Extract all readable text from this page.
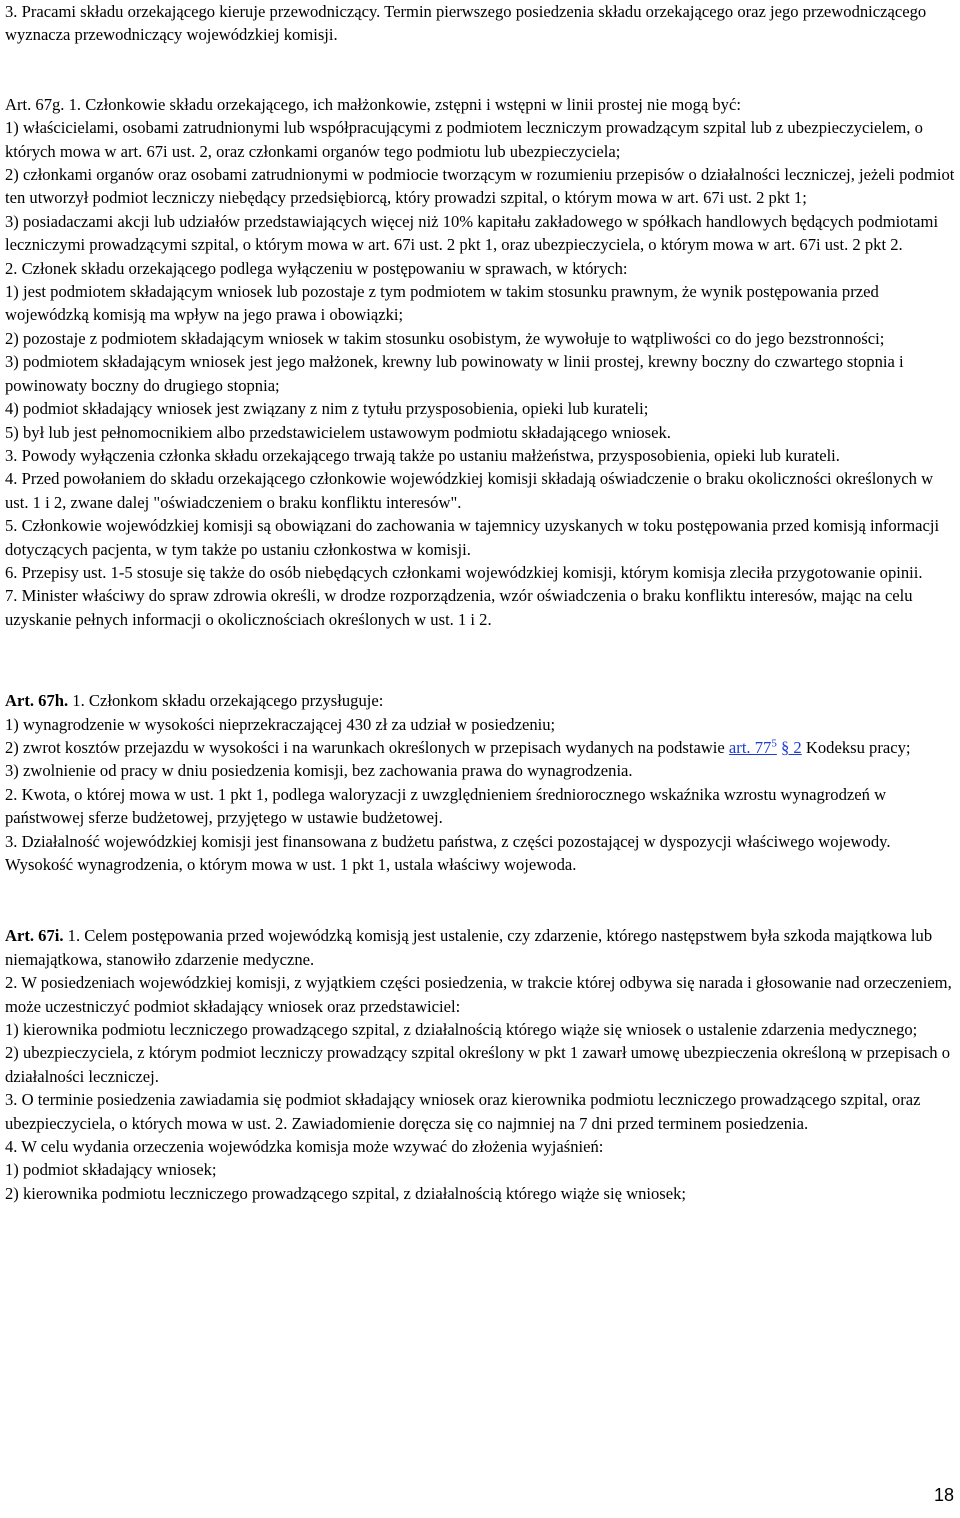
3. Pracami składu orzekającego kieruje przewodniczący. Termin pierwszego posiedzenia składu orzekającego oraz jego przewodniczącego wyznacza przewodniczący wojewódzkiej komisji.

Art. 67g. 1. Członkowie składu orzekającego, ich małżonkowie, zstępni i wstępni w linii prostej nie mogą być:

1) właścicielami, osobami zatrudnionymi lub współpracującymi z podmiotem leczniczym prowadzącym szpital lub z ubezpieczycielem, o których mowa w art. 67i ust. 2, oraz członkami organów tego podmiotu lub ubezpieczyciela;

2) członkami organów oraz osobami zatrudnionymi w podmiocie tworzącym w rozumieniu przepisów o działalności leczniczej, jeżeli podmiot ten utworzył podmiot leczniczy niebędący przedsiębiorcą, który prowadzi szpital, o którym mowa w art. 67i ust. 2 pkt 1;

3) posiadaczami akcji lub udziałów przedstawiających więcej niż 10% kapitału zakładowego w spółkach handlowych będących podmiotami leczniczymi prowadzącymi szpital, o którym mowa w art. 67i ust. 2 pkt 1, oraz ubezpieczyciela, o którym mowa w art. 67i ust. 2 pkt 2.

2. Członek składu orzekającego podlega wyłączeniu w postępowaniu w sprawach, w których:

1) jest podmiotem składającym wniosek lub pozostaje z tym podmiotem w takim stosunku prawnym, że wynik postępowania przed wojewódzką komisją ma wpływ na jego prawa i obowiązki;

2) pozostaje z podmiotem składającym wniosek w takim stosunku osobistym, że wywołuje to wątpliwości co do jego bezstronności;

3) podmiotem składającym wniosek jest jego małżonek, krewny lub powinowaty w linii prostej, krewny boczny do czwartego stopnia i powinowaty boczny do drugiego stopnia;

4) podmiot składający wniosek jest związany z nim z tytułu przysposobienia, opieki lub kurateli;

5) był lub jest pełnomocnikiem albo przedstawicielem ustawowym podmiotu składającego wniosek.

3. Powody wyłączenia członka składu orzekającego trwają także po ustaniu małżeństwa, przysposobienia, opieki lub kurateli.

4. Przed powołaniem do składu orzekającego członkowie wojewódzkiej komisji składają oświadczenie o braku okoliczności określonych w ust. 1 i 2, zwane dalej "oświadczeniem o braku konfliktu interesów".

5. Członkowie wojewódzkiej komisji są obowiązani do zachowania w tajemnicy uzyskanych w toku postępowania przed komisją informacji dotyczących pacjenta, w tym także po ustaniu członkostwa w komisji.

6. Przepisy ust. 1-5 stosuje się także do osób niebędących członkami wojewódzkiej komisji, którym komisja zleciła przygotowanie opinii.

7. Minister właściwy do spraw zdrowia określi, w drodze rozporządzenia, wzór oświadczenia o braku konfliktu interesów, mając na celu uzyskanie pełnych informacji o okolicznościach określonych w ust. 1 i 2.

Art. 67h. 1. Członkom składu orzekającego przysługuje:

1) wynagrodzenie w wysokości nieprzekraczającej 430 zł za udział w posiedzeniu;

2) zwrot kosztów przejazdu w wysokości i na warunkach określonych w przepisach wydanych na podstawie art. $77^5$ § 2 Kodeksu pracy;

3) zwolnienie od pracy w dniu posiedzenia komisji, bez zachowania prawa do wynagrodzenia.

2. Kwota, o której mowa w ust. 1 pkt 1, podlega waloryzacji z uwzględnieniem średniorocznego wskaźnika wzrostu wynagrodzeń w państwowej sferze budżetowej, przyjętego w ustawie budżetowej.

3. Działalność wojewódzkiej komisji jest finansowana z budżetu państwa, z części pozostającej w dyspozycji właściwego wojewody. Wysokość wynagrodzenia, o którym mowa w ust. 1 pkt 1, ustala właściwy wojewoda.

Art. 67i. 1. Celem postępowania przed wojewódzką komisją jest ustalenie, czy zdarzenie, którego następstwem była szkoda majątkowa lub niemajątkowa, stanowiło zdarzenie medyczne.

2. W posiedzeniach wojewódzkiej komisji, z wyjątkiem części posiedzenia, w trakcie której odbywa się narada i głosowanie nad orzeczeniem, może uczestniczyć podmiot składający wniosek oraz przedstawiciel:

1) kierownika podmiotu leczniczego prowadzącego szpital, z działalnością którego wiąże się wniosek o ustalenie zdarzenia medycznego;

2) ubezpieczyciela, z którym podmiot leczniczy prowadzący szpital określony w pkt 1 zawarł umowę ubezpieczenia określoną w przepisach o działalności leczniczej.

3. O terminie posiedzenia zawiadamia się podmiot składający wniosek oraz kierownika podmiotu leczniczego prowadzącego szpital, oraz ubezpieczyciela, o których mowa w ust. 2. Zawiadomienie doręcza się co najmniej na 7 dni przed terminem posiedzenia.

4. W celu wydania orzeczenia wojewódzka komisja może wzywać do złożenia wyjaśnień:

1) podmiot składający wniosek;

2) kierownika podmiotu leczniczego prowadzącego szpital, z działalnością którego wiąże się wniosek;

18
